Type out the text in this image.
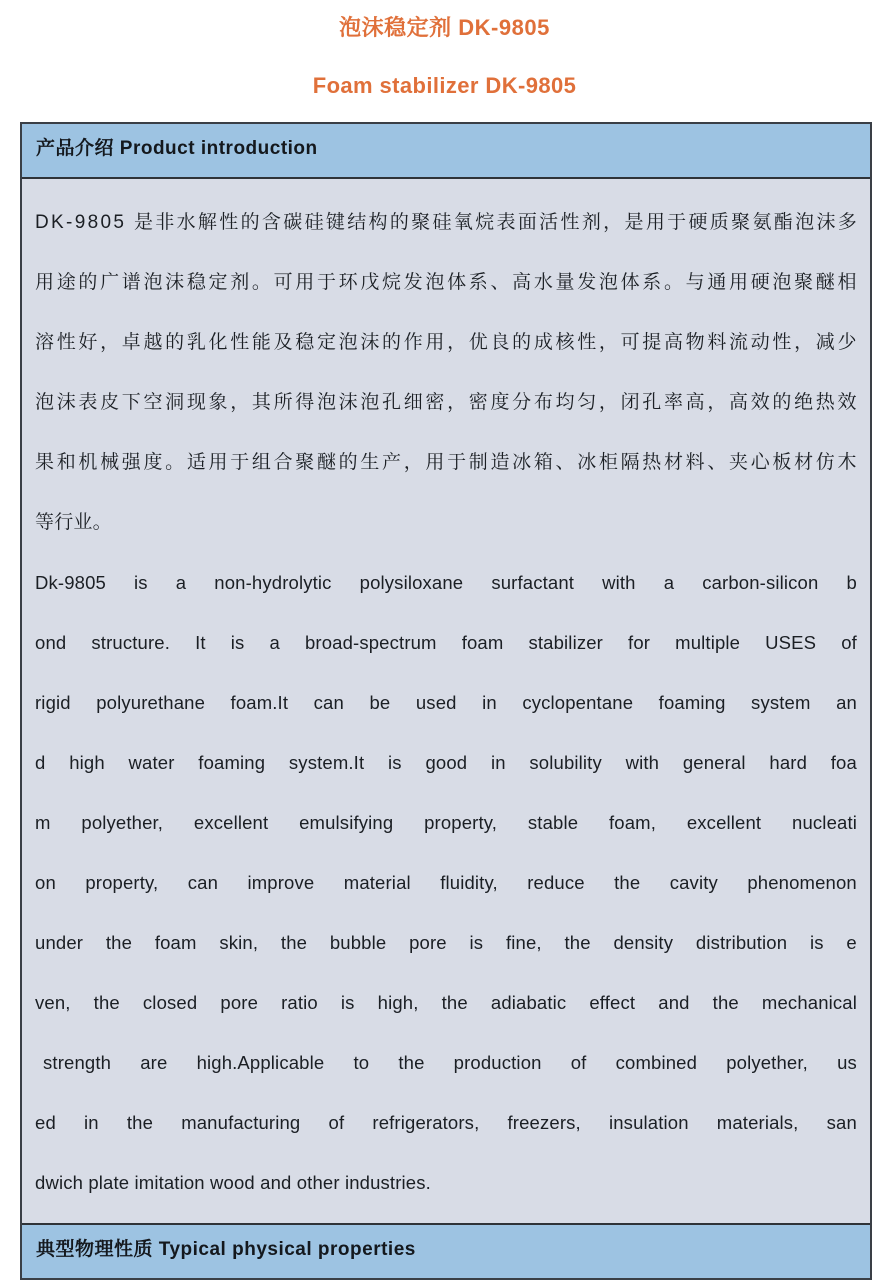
泡沫稳定剂 DK-9805
Foam stabilizer DK-9805
产品介绍 Product introduction
D K - 9 8 0 5
是 非 水 解 性 的 含 碳 硅 键 结 构 的 聚 硅 氧 烷 表 面 活 性 剂 ， 是 用 于 硬 质 聚 氨 酯 泡 沫 多
用 途 的 广 谱 泡 沫 稳 定 剂 。 可 用 于 环 戊 烷 发 泡 体 系 、 高 水 量 发 泡 体 系 。 与 通 用 硬 泡 聚 醚 相
溶 性 好 ， 卓 越 的 乳 化 性 能 及 稳 定 泡 沫 的 作 用 ， 优 良 的 成 核 性 ， 可 提 高 物 料 流 动 性 ， 减 少
泡 沫 表 皮 下 空 洞 现 象 ， 其 所 得 泡 沫 泡 孔 细 密 ， 密 度 分 布 均 匀 ， 闭 孔 率 高 ， 高 效 的 绝 热 效
果 和 机 械 强 度 。 适 用 于 组 合 聚 醚 的 生 产 ， 用 于 制 造 冰 箱 、 冰 柜 隔 热 材 料 、 夹 心 板 材 仿 木
等行业。
Dk-9805 is a non-hydrolytic polysiloxane surfactant with a carbon-silicon b
ond structure. It is a broad-spectrum foam stabilizer for multiple USES of
rigid polyurethane foam.It can be used in cyclopentane foaming system an
d high water foaming system.It is good in solubility with general hard foa
m polyether, excellent emulsifying property, stable foam, excellent nucleati
on property, can improve material fluidity, reduce the cavity phenomenon
under the foam skin, the bubble pore is fine, the density distribution is e
ven, the closed pore ratio is high, the adiabatic effect and the mechanical
strength are high.Applicable to the production of combined polyether, us
ed in the manufacturing of refrigerators, freezers, insulation materials, san
dwich plate imitation wood and other industries.
典型物理性质 Typical physical properties
